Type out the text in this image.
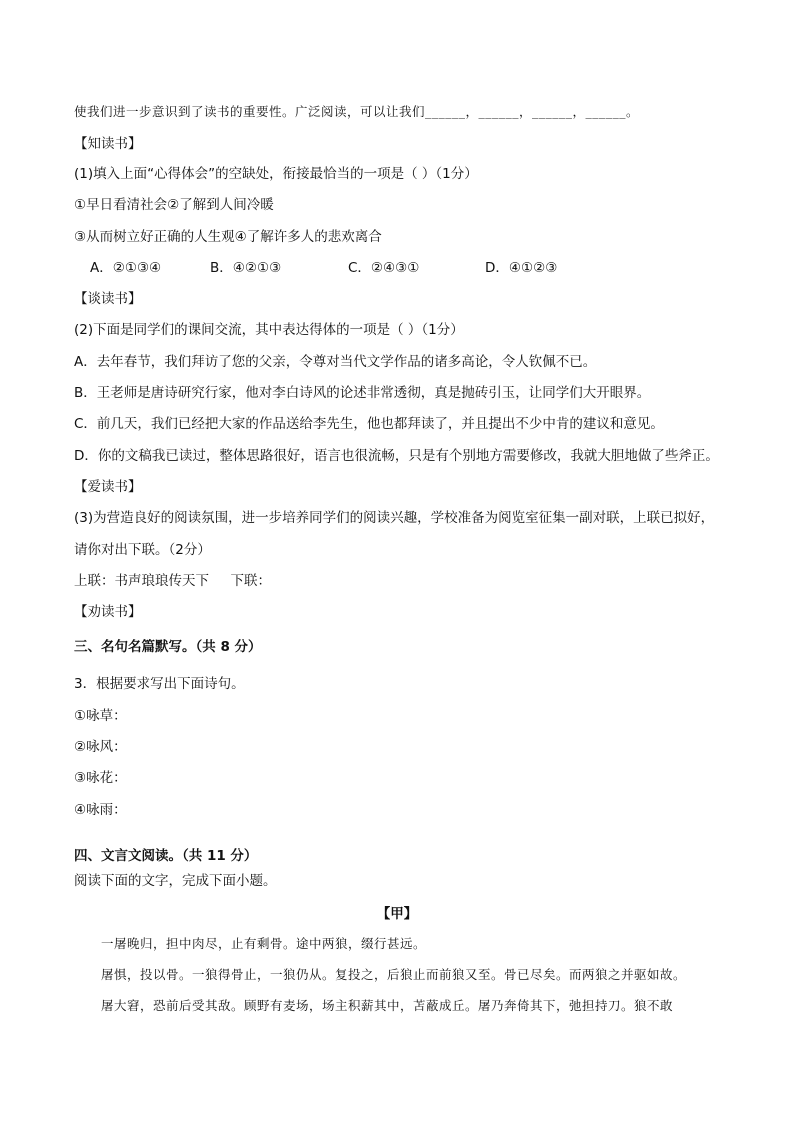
使我们进一步意识到了读书的重要性。广泛阅读，可以让我们______，______，______，______。
【知读书】
(1)填入上面“心得体会”的空缺处，衔接最恰当的一项是（ ）（1分）
①早日看清社会②了解到人间冷暖
③从而树立好正确的人生观④了解许多人的悲欢离合
A．②①③④	B．④②①③	C．②④③①	D．④①②③
【谈读书】
(2)下面是同学们的课间交流，其中表达得体的一项是（ ）（1分）
A．去年春节，我们拜访了您的父亲，令尊对当代文学作品的诸多高论，令人钦佩不已。
B．王老师是唐诗研究行家，他对李白诗风的论述非常透彻，真是抛砖引玉，让同学们大开眼界。
C．前几天，我们已经把大家的作品送给李先生，他也都拜读了，并且提出不少中肯的建议和意见。
D．你的文稿我已读过，整体思路很好，语言也很流畅，只是有个别地方需要修改，我就大胆地做了些斧正。
【爱读书】
(3)为营造良好的阅读氛围，进一步培养同学们的阅读兴趣，学校准备为阅览室征集一副对联，上联已拟好，
请你对出下联。（2分）
上联：书声琅琅传天下     下联：
【劝读书】
三、名句名篇默写。（共 8 分）
3．根据要求写出下面诗句。
①咏草：
②咏风：
③咏花：
④咏雨：
四、文言文阅读。（共 11 分）
阅读下面的文字，完成下面小题。
【甲】
一屠晚归，担中肉尽，止有剩骨。途中两狼，缀行甚远。
屠惧，投以骨。一狼得骨止，一狼仍从。复投之，后狼止而前狼又至。骨已尽矣。而两狼之并驱如故。
屠大窘，恐前后受其敌。顾野有麦场，场主积薪其中，苫蔽成丘。屠乃奔倚其下，弛担持刀。狼不敢
